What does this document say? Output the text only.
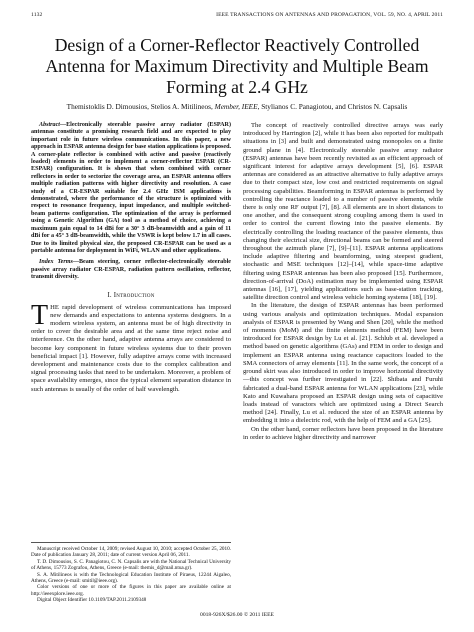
1132	IEEE TRANSACTIONS ON ANTENNAS AND PROPAGATION, VOL. 59, NO. 4, APRIL 2011
Design of a Corner-Reflector Reactively Controlled Antenna for Maximum Directivity and Multiple Beam Forming at 2.4 GHz
Themistoklis D. Dimousios, Stelios A. Mitilineos, Member, IEEE, Stylianos C. Panagiotou, and Christos N. Capsalis

Abstract—Electronically steerable passive array radiator (ESPAR) antennas constitute a promising research field and are expected to play important role in future wireless communications. In this paper, a new approach in ESPAR antenna design for base station applications is proposed. A corner-plate reflector is combined with active and passive (reactively loaded) elements in order to implement a corner-reflector ESPAR (CR-ESPAR) configuration. It is shown that when combined with corner reflectors in order to sectorize the coverage area, an ESPAR antenna offers multiple radiation patterns with higher directivity and resolution. A case study of a CR-ESPAR suitable for 2.4 GHz ISM applications is demonstrated, where the performance of the structure is optimized with respect to resonance frequency, input impedance, and multiple switched-beam patterns configuration. The optimization of the array is performed using a Genetic Algorithm (GA) tool as a method of choice, achieving a maximum gain equal to 14 dBi for a 30° 3 dB-beamwidth and a gain of 11 dBi for a 45° 3 dB-beamwidth, while the VSWR is kept below 1.7 in all cases. Due to its limited physical size, the proposed CR-ESPAR can be used as a portable antenna for deployment in WiFi, WLAN and other applications.

Index Terms—Beam steering, corner reflector-electronically steerable passive array radiator CR-ESPAR, radiation pattern oscillation, reflector, transmit diversity.

I. Introduction

THE rapid development of wireless communications has imposed new demands and expectations to antenna systems designers. In a modern wireless system, an antenna must be of high directivity in order to cover the desirable area and at the same time reject noise and interference. On the other hand, adaptive antenna arrays are considered to become key component in future wireless systems due to their proven beneficial impact [1]. However, fully adaptive arrays come with increased development and maintenance costs due to the complex calibration and signal processing tasks that need to be undertaken. Moreover, a problem of space availability emerges, since the typical element separation distance in such antennas is usually of the order of half wavelength.

Manuscript received October 14, 2009; revised August 10, 2010; accepted October 25, 2010. Date of publication January 28, 2011; date of current version April 06, 2011.

T. D. Dimousios, S. C. Panagiotou, C. N. Capsalis are with the National Technical University of Athens, 15773 Zografou, Athens, Greece (e-mail: themis_d@mail.ntua.gr).

S. A. Mitilineos is with the Technological Education Institute of Piraeus, 12244 Aigaleo, Athens, Greece (e-mail: smitil@ieee.org).

Color versions of one or more of the figures in this paper are available online at http://ieeexplore.ieee.org.

Digital Object Identifier 10.1109/TAP.2011.2109348

The concept of reactively controlled directive arrays was early introduced by Harrington [2], while it has been also reported for multipath situations in [3] and built and demonstrated using monopoles on a finite ground plane in [4]. Electronically steerable passive array radiator (ESPAR) antennas have been recently revisited as an efficient approach of significant interest for adaptive arrays development [5], [6]. ESPAR antennas are considered as an attractive alternative to fully adaptive arrays due to their compact size, low cost and restricted requirements on signal processing capabilities. Beamforming in ESPAR antennas is performed by controlling the reactance loaded to a number of passive elements, while there is only one RF output [7], [8]. All elements are in short distances to one another, and the consequent strong coupling among them is used in order to control the current flowing into the passive elements. By electrically controlling the loading reactance of the passive elements, thus changing their electrical size, directional beams can be formed and steered throughout the azimuth plane [7], [9]–[11]. ESPAR antenna applications include adaptive filtering and beamforming, using steepest gradient, stochastic and MSE techniques [12]–[14], while space-time adaptive filtering using ESPAR antennas has been also proposed [15]. Furthermore, direction-of-arrival (DoA) estimation may be implemented using ESPAR antennas [16], [17], yielding applications such as base-station tracking, satellite direction control and wireless vehicle homing systems [18], [19].

In the literature, the design of ESPAR antennas has been performed using various analysis and optimization techniques. Modal expansion analysis of ESPAR is presented by Wang and Shen [20], while the method of moments (MoM) and the finite elements method (FEM) have been introduced for ESPAR design by Lu et al. [21]. Schlub et al. developed a method based on genetic algorithms (GAs) and FEM in order to design and implement an ESPAR antenna using reactance capacitors loaded to the SMA connectors of array elements [11]. In the same work, the concept of a ground skirt was also introduced in order to improve horizontal directivity—this concept was further investigated in [22]. Shibata and Furuhi fabricated a dual-band ESPAR antenna for WLAN applications [23], while Kato and Kuwahara proposed an ESPAR design using sets of capacitive loads instead of varactors which are optimized using a Direct Search method [24]. Finally, Lu et al. reduced the size of an ESPAR antenna by embedding it into a dielectric rod, with the help of FEM and a GA [25].

On the other hand, corner reflectors have been proposed in the literature in order to achieve higher directivity and narrower

0018-926X/$26.00 © 2011 IEEE
